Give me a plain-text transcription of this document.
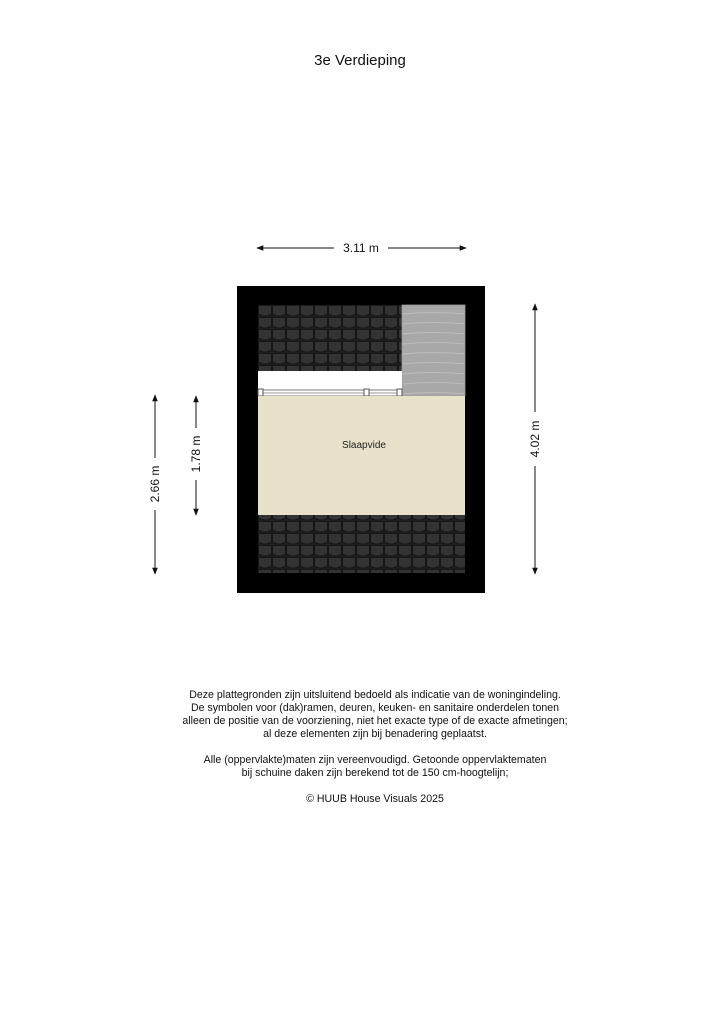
3e Verdieping
Slaapvide
3.11 m
4.02 m
2.66 m
1.78 m

Deze plattegronden zijn uitsluitend bedoeld als indicatie van de woningindeling.

De symbolen voor (dak)ramen, deuren, keuken- en sanitaire onderdelen tonen

alleen de positie van de voorziening, niet het exacte type of de exacte afmetingen;

al deze elementen zijn bij benadering geplaatst.

Alle (oppervlakte)maten zijn vereenvoudigd. Getoonde oppervlaktematen

bij schuine daken zijn berekend tot de 150 cm-hoogtelijn;

© HUUB House Visuals 2025
